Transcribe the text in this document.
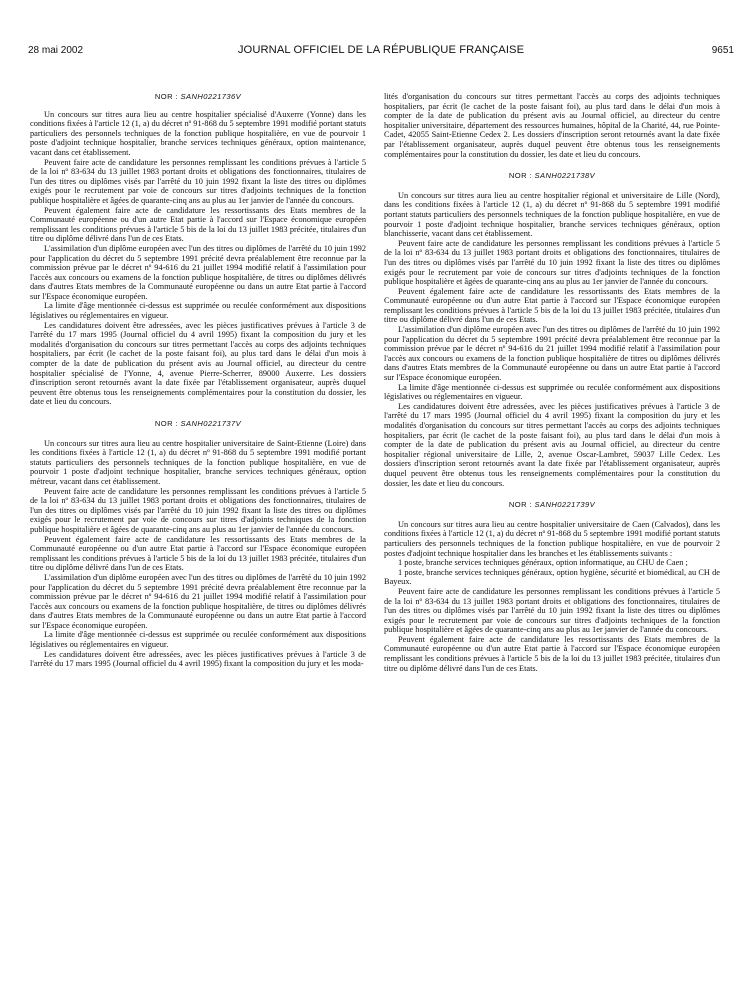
28 mai 2002	JOURNAL OFFICIEL DE LA RÉPUBLIQUE FRANÇAISE	9651
NOR : SANH0221736V

Un concours sur titres aura lieu au centre hospitalier spécialisé d'Auxerre (Yonne) dans les conditions fixées à l'article 12 (1, a) du décret nº 91-868 du 5 septembre 1991 modifié portant statuts particuliers des personnels techniques de la fonction publique hospitalière, en vue de pourvoir 1 poste d'adjoint technique hospitalier, branche services techniques généraux, option maintenance, vacant dans cet établissement.

Peuvent faire acte de candidature les personnes remplissant les conditions prévues à l'article 5 de la loi nº 83-634 du 13 juillet 1983 portant droits et obligations des fonctionnaires, titulaires de l'un des titres ou diplômes visés par l'arrêté du 10 juin 1992 fixant la liste des titres ou diplômes exigés pour le recrutement par voie de concours sur titres d'adjoints techniques de la fonction publique hospitalière et âgées de quarante-cinq ans au plus au 1er janvier de l'année du concours.

Peuvent également faire acte de candidature les ressortissants des Etats membres de la Communauté européenne ou d'un autre Etat partie à l'accord sur l'Espace économique européen remplissant les conditions prévues à l'article 5 bis de la loi du 13 juillet 1983 précitée, titulaires d'un titre ou diplôme délivré dans l'un de ces Etats.

L'assimilation d'un diplôme européen avec l'un des titres ou diplômes de l'arrêté du 10 juin 1992 pour l'application du décret du 5 septembre 1991 précité devra préalablement être reconnue par la commission prévue par le décret nº 94-616 du 21 juillet 1994 modifié relatif à l'assimilation pour l'accès aux concours ou examens de la fonction publique hospitalière, de titres ou diplômes délivrés dans d'autres Etats membres de la Communauté européenne ou dans un autre Etat partie à l'accord sur l'Espace économique européen.

La limite d'âge mentionnée ci-dessus est supprimée ou reculée conformément aux dispositions législatives ou réglementaires en vigueur.

Les candidatures doivent être adressées, avec les pièces justificatives prévues à l'article 3 de l'arrêté du 17 mars 1995 (Journal officiel du 4 avril 1995) fixant la composition du jury et les modalités d'organisation du concours sur titres permettant l'accès au corps des adjoints techniques hospitaliers, par écrit (le cachet de la poste faisant foi), au plus tard dans le délai d'un mois à compter de la date de publication du présent avis au Journal officiel, au directeur du centre hospitalier spécialisé de l'Yonne, 4, avenue Pierre-Scherrer, 89000 Auxerre. Les dossiers d'inscription seront retournés avant la date fixée par l'établissement organisateur, auprès duquel peuvent être obtenus tous les renseignements complémentaires pour la constitution du dossier, les date et lieu du concours.

NOR : SANH0221737V

Un concours sur titres aura lieu au centre hospitalier universitaire de Saint-Etienne (Loire) dans les conditions fixées à l'article 12 (1, a) du décret nº 91-868 du 5 septembre 1991 modifié portant statuts particuliers des personnels techniques de la fonction publique hospitalière, en vue de pourvoir 1 poste d'adjoint technique hospitalier, branche services techniques généraux, option métreur, vacant dans cet établissement.

Peuvent faire acte de candidature les personnes remplissant les conditions prévues à l'article 5 de la loi nº 83-634 du 13 juillet 1983 portant droits et obligations des fonctionnaires, titulaires de l'un des titres ou diplômes visés par l'arrêté du 10 juin 1992 fixant la liste des titres ou diplômes exigés pour le recrutement par voie de concours sur titres d'adjoints techniques de la fonction publique hospitalière et âgées de quarante-cinq ans au plus au 1er janvier de l'année du concours.

Peuvent également faire acte de candidature les ressortissants des Etats membres de la Communauté européenne ou d'un autre Etat partie à l'accord sur l'Espace économique européen remplissant les conditions prévues à l'article 5 bis de la loi du 13 juillet 1983 précitée, titulaires d'un titre ou diplôme délivré dans l'un de ces Etats.

L'assimilation d'un diplôme européen avec l'un des titres ou diplômes de l'arrêté du 10 juin 1992 pour l'application du décret du 5 septembre 1991 précité devra préalablement être reconnue par la commission prévue par le décret nº 94-616 du 21 juillet 1994 modifié relatif à l'assimilation pour l'accès aux concours ou examens de la fonction publique hospitalière, de titres ou diplômes délivrés dans d'autres Etats membres de la Communauté européenne ou dans un autre Etat partie à l'accord sur l'Espace économique européen.

La limite d'âge mentionnée ci-dessus est supprimée ou reculée conformément aux dispositions législatives ou réglementaires en vigueur.

Les candidatures doivent être adressées, avec les pièces justificatives prévues à l'article 3 de l'arrêté du 17 mars 1995 (Journal officiel du 4 avril 1995) fixant la composition du jury et les moda-

lités d'organisation du concours sur titres permettant l'accès au corps des adjoints techniques hospitaliers, par écrit (le cachet de la poste faisant foi), au plus tard dans le délai d'un mois à compter de la date de publication du présent avis au Journal officiel, au directeur du centre hospitalier universitaire, département des ressources humaines, hôpital de la Charité, 44, rue Pointe-Cadet, 42055 Saint-Etienne Cedex 2. Les dossiers d'inscription seront retournés avant la date fixée par l'établissement organisateur, auprès duquel peuvent être obtenus tous les renseignements complémentaires pour la constitution du dossier, les date et lieu du concours.

NOR : SANH0221738V

Un concours sur titres aura lieu au centre hospitalier régional et universitaire de Lille (Nord), dans les conditions fixées à l'article 12 (1, a) du décret nº 91-868 du 5 septembre 1991 modifié portant statuts particuliers des personnels techniques de la fonction publique hospitalière, en vue de pourvoir 1 poste d'adjoint technique hospitalier, branche services techniques généraux, option blanchisserie, vacant dans cet établissement.

Peuvent faire acte de candidature les personnes remplissant les conditions prévues à l'article 5 de la loi nº 83-634 du 13 juillet 1983 portant droits et obligations des fonctionnaires, titulaires de l'un des titres ou diplômes visés par l'arrêté du 10 juin 1992 fixant la liste des titres ou diplômes exigés pour le recrutement par voie de concours sur titres d'adjoints techniques de la fonction publique hospitalière et âgées de quarante-cinq ans au plus au 1er janvier de l'année du concours.

Peuvent également faire acte de candidature les ressortissants des Etats membres de la Communauté européenne ou d'un autre Etat partie à l'accord sur l'Espace économique européen remplissant les conditions prévues à l'article 5 bis de la loi du 13 juillet 1983 précitée, titulaires d'un titre ou diplôme délivré dans l'un de ces Etats.

L'assimilation d'un diplôme européen avec l'un des titres ou diplômes de l'arrêté du 10 juin 1992 pour l'application du décret du 5 septembre 1991 précité devra préalablement être reconnue par la commission prévue par le décret nº 94-616 du 21 juillet 1994 modifié relatif à l'assimilation pour l'accès aux concours ou examens de la fonction publique hospitalière de titres ou diplômes délivrés dans d'autres Etats membres de la Communauté européenne ou dans un autre Etat partie à l'accord sur l'Espace économique européen.

La limite d'âge mentionnée ci-dessus est supprimée ou reculée conformément aux dispositions législatives ou réglementaires en vigueur.

Les candidatures doivent être adressées, avec les pièces justificatives prévues à l'article 3 de l'arrêté du 17 mars 1995 (Journal officiel du 4 avril 1995) fixant la composition du jury et les modalités d'organisation du concours sur titres permettant l'accès au corps des adjoints techniques hospitaliers, par écrit (le cachet de la poste faisant foi), au plus tard dans le délai d'un mois à compter de la date de publication du présent avis au Journal officiel, au directeur du centre hospitalier régional universitaire de Lille, 2, avenue Oscar-Lambret, 59037 Lille Cedex. Les dossiers d'inscription seront retournés avant la date fixée par l'établissement organisateur, auprès duquel peuvent être obtenus tous les renseignements complémentaires pour la constitution du dossier, les date et lieu du concours.

NOR : SANH0221739V

Un concours sur titres aura lieu au centre hospitalier universitaire de Caen (Calvados), dans les conditions fixées à l'article 12 (1, a) du décret nº 91-868 du 5 septembre 1991 modifié portant statuts particuliers des personnels techniques de la fonction publique hospitalière, en vue de pourvoir 2 postes d'adjoint technique hospitalier dans les branches et les établissements suivants :

1 poste, branche services techniques généraux, option informatique, au CHU de Caen ;

1 poste, branche services techniques généraux, option hygiène, sécurité et biomédical, au CH de Bayeux.

Peuvent faire acte de candidature les personnes remplissant les conditions prévues à l'article 5 de la loi nº 83-634 du 13 juillet 1983 portant droits et obligations des fonctionnaires, titulaires de l'un des titres ou diplômes visés par l'arrêté du 10 juin 1992 fixant la liste des titres ou diplômes exigés pour le recrutement par voie de concours sur titres d'adjoints techniques de la fonction publique hospitalière et âgées de quarante-cinq ans au plus au 1er janvier de l'année du concours.

Peuvent également faire acte de candidature les ressortissants des Etats membres de la Communauté européenne ou d'un autre Etat partie à l'accord sur l'Espace économique européen remplissant les conditions prévues à l'article 5 bis de la loi du 13 juillet 1983 précitée, titulaires d'un titre ou diplôme délivré dans l'un de ces Etats.
